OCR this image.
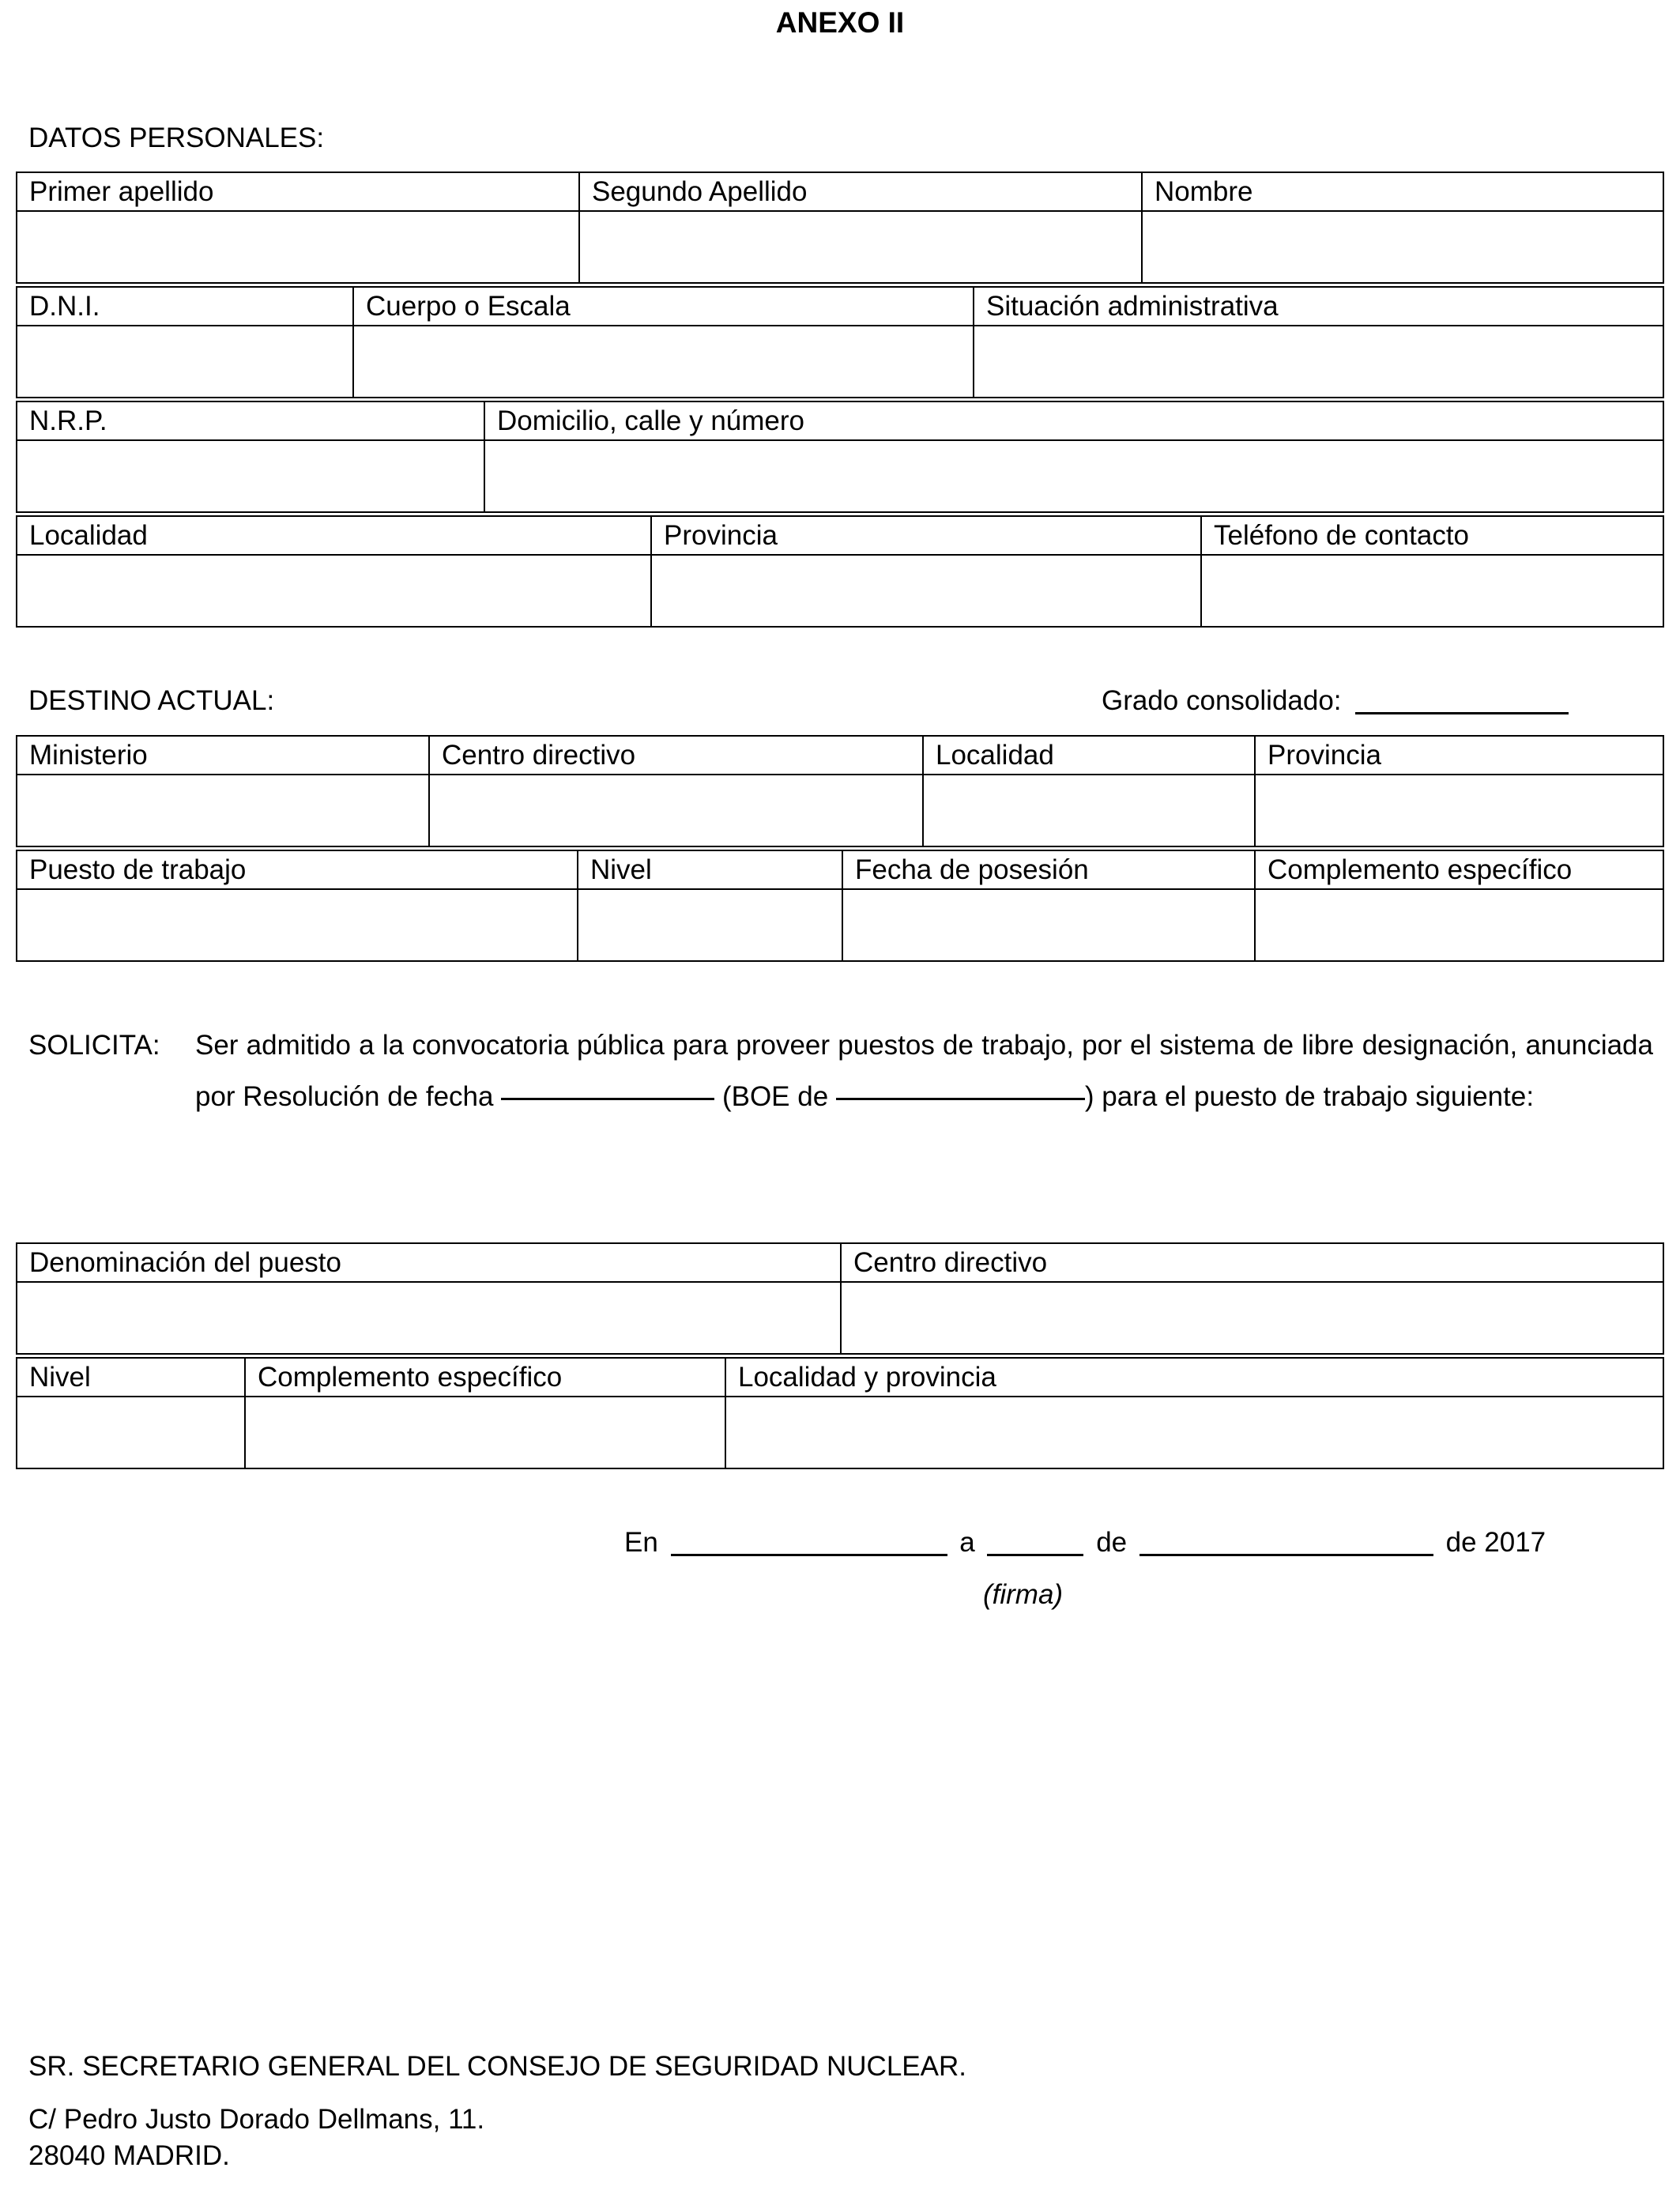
ANEXO II
DATOS PERSONALES:
Primer apellido	Segundo Apellido	Nombre

D.N.I.	Cuerpo o Escala	Situación administrativa

N.R.P.	Domicilio, calle y número

Localidad	Provincia	Teléfono de contacto

DESTINO ACTUAL:	Grado consolidado:
Ministerio	Centro directivo	Localidad	Provincia

Puesto de trabajo	Nivel	Fecha de posesión	Complemento específico

SOLICITA: Ser admitido a la convocatoria pública para proveer puestos de trabajo, por el sistema de libre designación, anunciada por Resolución de fecha	(BOE de	) para el puesto de trabajo siguiente:
Denominación del puesto	Centro directivo

Nivel	Complemento específico	Localidad y provincia

En	a	de	de 2017
(firma)
SR. SECRETARIO GENERAL DEL CONSEJO DE SEGURIDAD NUCLEAR.
C/ Pedro Justo Dorado Dellmans, 11.
28040 MADRID.
